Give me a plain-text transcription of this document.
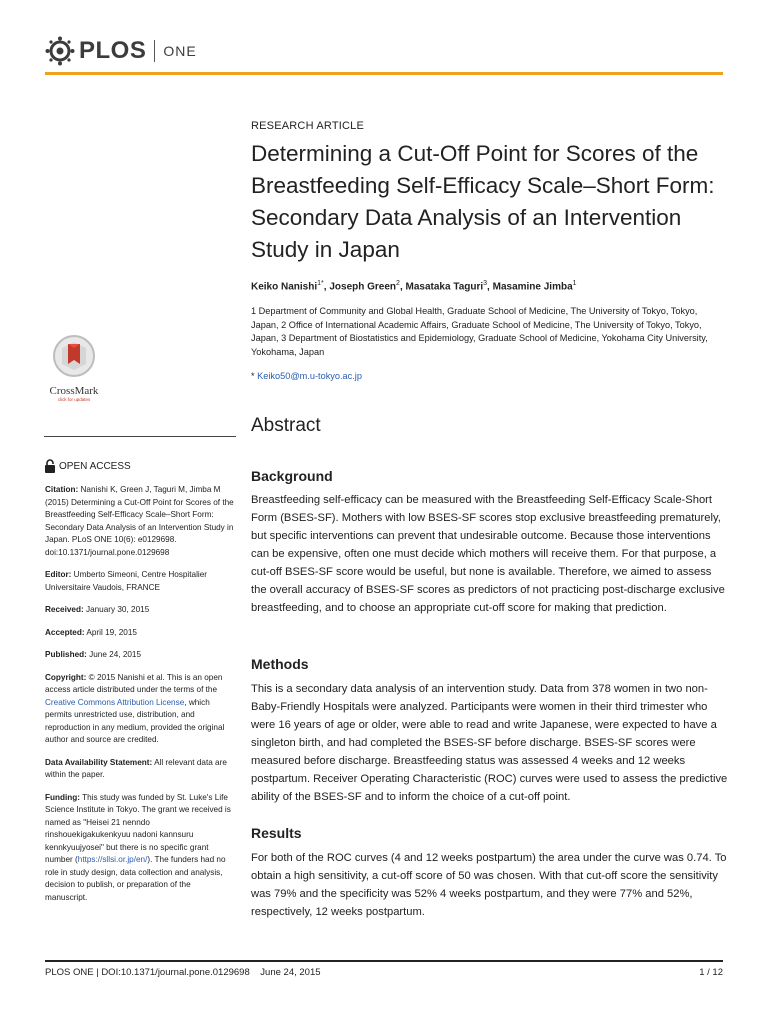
PLOS ONE
RESEARCH ARTICLE
Determining a Cut-Off Point for Scores of the Breastfeeding Self-Efficacy Scale–Short Form: Secondary Data Analysis of an Intervention Study in Japan
Keiko Nanishi$^{1*}$, Joseph Green$^2$, Masataka Taguri$^3$, Masamine Jimba$^1$
1 Department of Community and Global Health, Graduate School of Medicine, The University of Tokyo, Tokyo, Japan, 2 Office of International Academic Affairs, Graduate School of Medicine, The University of Tokyo, Tokyo, Japan, 3 Department of Biostatistics and Epidemiology, Graduate School of Medicine, Yokohama City University, Yokohama, Japan
* Keiko50@m.u-tokyo.ac.jp
CrossMark
click for updates
OPEN ACCESS

Citation: Nanishi K, Green J, Taguri M, Jimba M (2015) Determining a Cut-Off Point for Scores of the Breastfeeding Self-Efficacy Scale–Short Form: Secondary Data Analysis of an Intervention Study in Japan. PLoS ONE 10(6): e0129698. doi:10.1371/journal.pone.0129698

Editor: Umberto Simeoni, Centre Hospitalier Universitaire Vaudois, FRANCE

Received: January 30, 2015

Accepted: April 19, 2015

Published: June 24, 2015

Copyright: © 2015 Nanishi et al. This is an open access article distributed under the terms of the Creative Commons Attribution License, which permits unrestricted use, distribution, and reproduction in any medium, provided the original author and source are credited.

Data Availability Statement: All relevant data are within the paper.

Funding: This study was funded by St. Luke's Life Science Institute in Tokyo. The grant we received is named as "Heisei 21 nenndo rinshouekigakukenkyuu nadoni kannsuru kennkyuujyosei" but there is no specific grant number (https://sllsi.or.jp/en/). The funders had no role in study design, data collection and analysis, decision to publish, or preparation of the manuscript.

Abstract
Background
Breastfeeding self-efficacy can be measured with the Breastfeeding Self-Efficacy Scale-Short Form (BSES-SF). Mothers with low BSES-SF scores stop exclusive breastfeeding prematurely, but specific interventions can prevent that undesirable outcome. Because those interventions can be expensive, often one must decide which mothers will receive them. For that purpose, a cut-off BSES-SF score would be useful, but none is available. Therefore, we aimed to assess the overall accuracy of BSES-SF scores as predictors of not practicing post-discharge exclusive breastfeeding, and to choose an appropriate cut-off score for making that prediction.
Methods
This is a secondary data analysis of an intervention study. Data from 378 women in two non-Baby-Friendly Hospitals were analyzed. Participants were women in their third trimester who were 16 years of age or older, were able to read and write Japanese, were expected to have a singleton birth, and had completed the BSES-SF before discharge. BSES-SF scores were measured before discharge. Breastfeeding status was assessed 4 weeks and 12 weeks postpartum. Receiver Operating Characteristic (ROC) curves were used to assess the predictive ability of the BSES-SF and to inform the choice of a cut-off point.
Results
For both of the ROC curves (4 and 12 weeks postpartum) the area under the curve was 0.74. To obtain a high sensitivity, a cut-off score of 50 was chosen. With that cut-off score the sensitivity was 79% and the specificity was 52% 4 weeks postpartum, and they were 77% and 52%, respectively, 12 weeks postpartum.
PLOS ONE | DOI:10.1371/journal.pone.0129698    June 24, 2015	1 / 12
